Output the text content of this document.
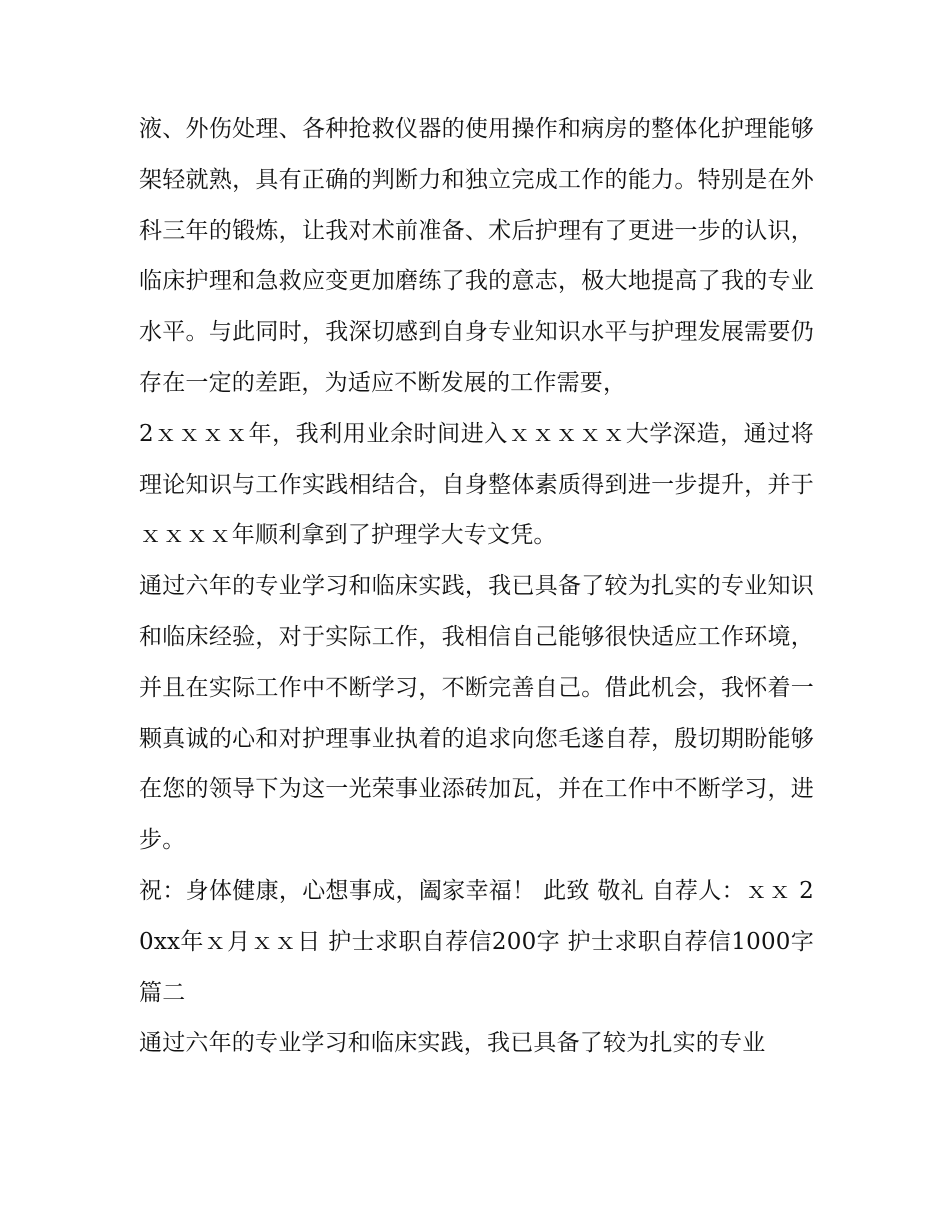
液、外伤处理、各种抢救仪器的使用操作和病房的整体化护理能够架轻就熟，具有正确的判断力和独立完成工作的能力。特别是在外科三年的锻炼，让我对术前准备、术后护理有了更进一步的认识，临床护理和急救应变更加磨练了我的意志，极大地提高了我的专业水平。与此同时，我深切感到自身专业知识水平与护理发展需要仍存在一定的差距，为适应不断发展的工作需要，

2ｘｘｘｘ年，我利用业余时间进入ｘｘｘｘｘ大学深造，通过将理论知识与工作实践相结合，自身整体素质得到进一步提升，并于ｘｘｘｘ年顺利拿到了护理学大专文凭。

通过六年的专业学习和临床实践，我已具备了较为扎实的专业知识和临床经验，对于实际工作，我相信自己能够很快适应工作环境，并且在实际工作中不断学习，不断完善自己。借此机会，我怀着一颗真诚的心和对护理事业执着的追求向您毛遂自荐，殷切期盼能够在您的领导下为这一光荣事业添砖加瓦，并在工作中不断学习，进步。

祝：身体健康，心想事成，阖家幸福！ 此致 敬礼 自荐人：ｘｘ 20xx年ｘ月ｘｘ日 护士求职自荐信200字 护士求职自荐信1000字篇二

通过六年的专业学习和临床实践，我已具备了较为扎实的专业
